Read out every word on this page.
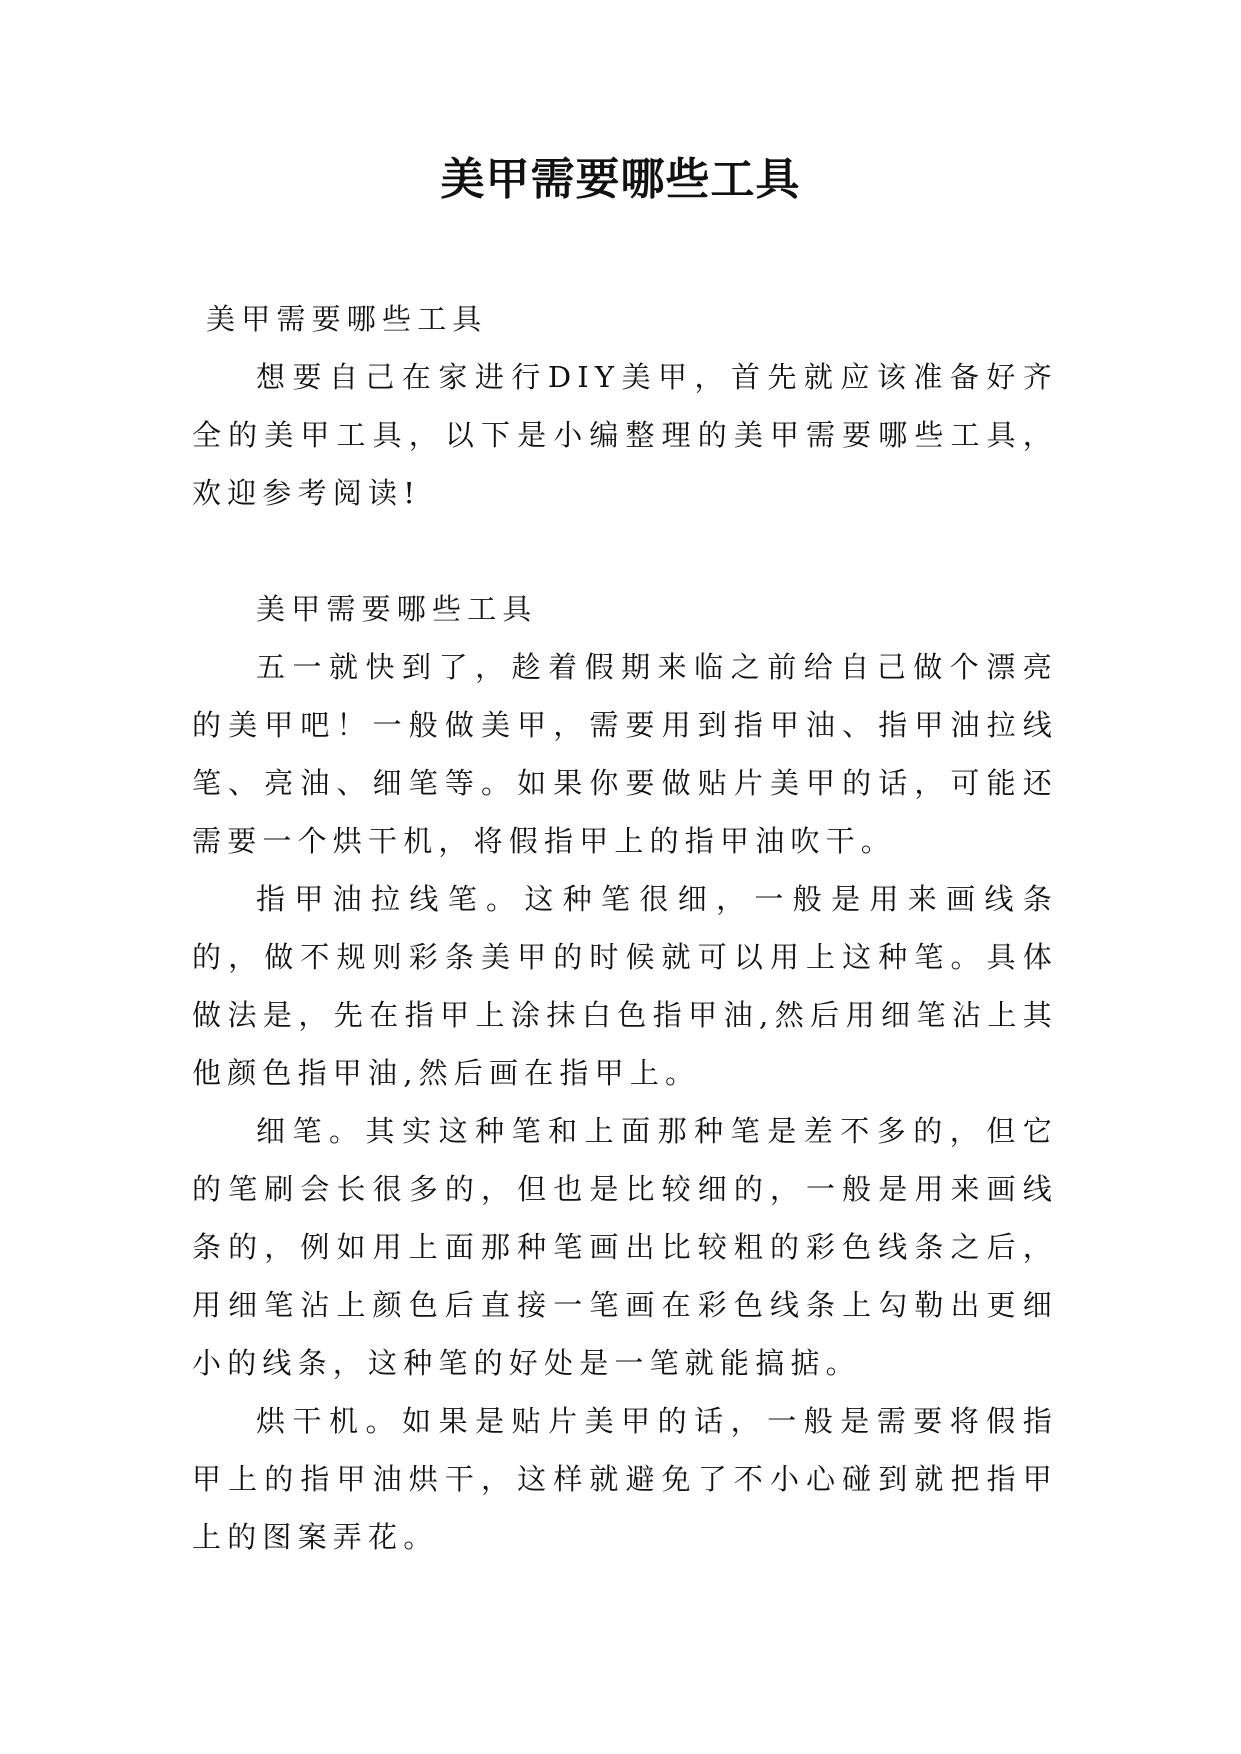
美甲需要哪些工具

美甲需要哪些工具

想要自己在家进行DIY美甲，首先就应该准备好齐全的美甲工具，以下是小编整理的美甲需要哪些工具，欢迎参考阅读!

美甲需要哪些工具

五一就快到了，趁着假期来临之前给自己做个漂亮的美甲吧！一般做美甲，需要用到指甲油、指甲油拉线笔、亮油、细笔等。如果你要做贴片美甲的话，可能还需要一个烘干机，将假指甲上的指甲油吹干。

指甲油拉线笔。这种笔很细，一般是用来画线条的，做不规则彩条美甲的时候就可以用上这种笔。具体做法是，先在指甲上涂抹白色指甲油,然后用细笔沾上其他颜色指甲油,然后画在指甲上。

细笔。其实这种笔和上面那种笔是差不多的，但它的笔刷会长很多的，但也是比较细的，一般是用来画线条的，例如用上面那种笔画出比较粗的彩色线条之后，用细笔沾上颜色后直接一笔画在彩色线条上勾勒出更细小的线条，这种笔的好处是一笔就能搞掂。

烘干机。如果是贴片美甲的话，一般是需要将假指甲上的指甲油烘干，这样就避免了不小心碰到就把指甲上的图案弄花。
